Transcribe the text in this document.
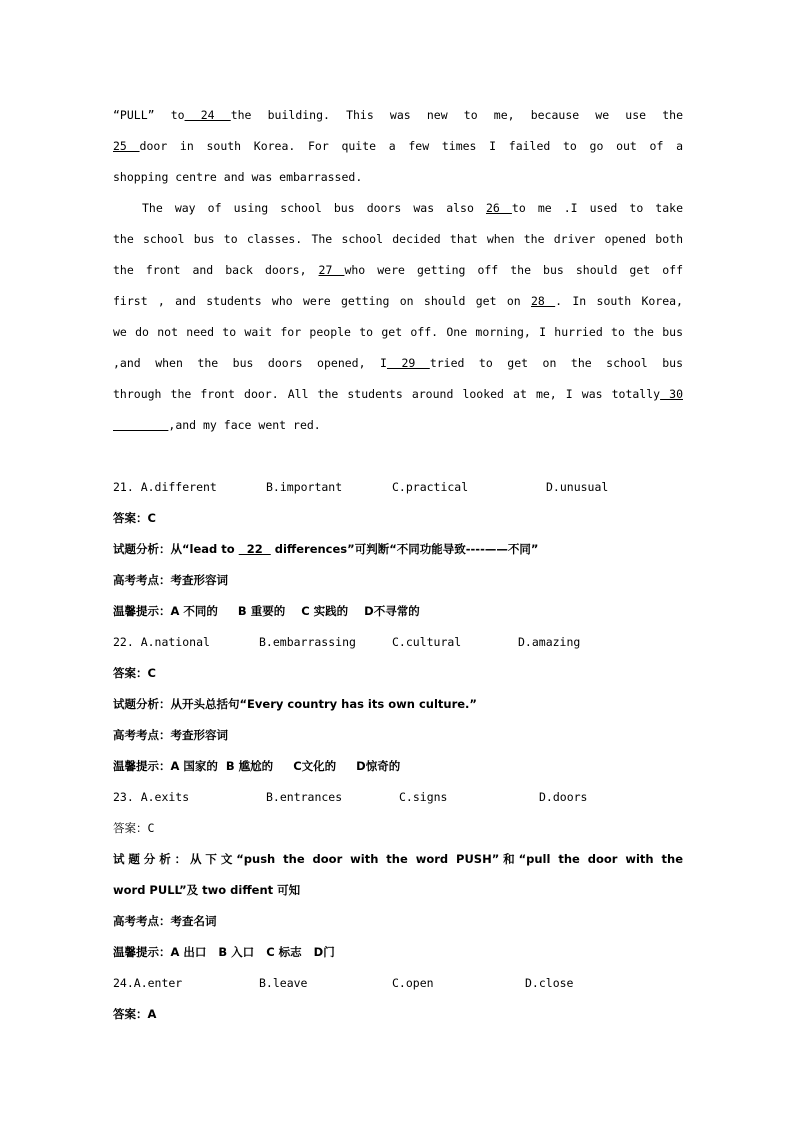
“PULL” to 24 the building. This was new to me, because we use the
25 door in south Korea. For quite a few times I failed to go out of a
shopping centre and was embarrassed.
The way of using school bus doors was also 26 to me .I used to take
the school bus to classes. The school decided that when the driver opened both
the front and back doors, 27 who were getting off the bus should get off
first , and students who were getting on should get on 28 . In south Korea,
we do not need to wait for people to get off. One morning, I hurried to the bus
,and when the bus doors opened, I 29 tried to get on the school bus
through the front door. All the students around looked at me, I was totally 30
,and my face went red.
21. A.different	B.important	C.practical	D.unusual
答案：C
试题分析：从“lead to   22   differences”可判断“不同功能导致----——不同”
高考考点：考查形容词
温馨提示：A 不同的     B 重要的    C 实践的    D不寻常的
22. A.national	B.embarrassing	C.cultural	D.amazing
答案：C
试题分析：从开头总括句“Every country has its own culture.”
高考考点：考查形容词
温馨提示：A 国家的  B 尴尬的     C文化的     D惊奇的
23. A.exits	B.entrances	C.signs	D.doors
答案：C
试题分析：从下文“push the door with the word PUSH”和“pull the door with the
word PULL”及 two diffent 可知
高考考点：考查名词
温馨提示：A 出口   B 入口   C 标志   D门
24.A.enter	B.leave	C.open	D.close
答案：A
